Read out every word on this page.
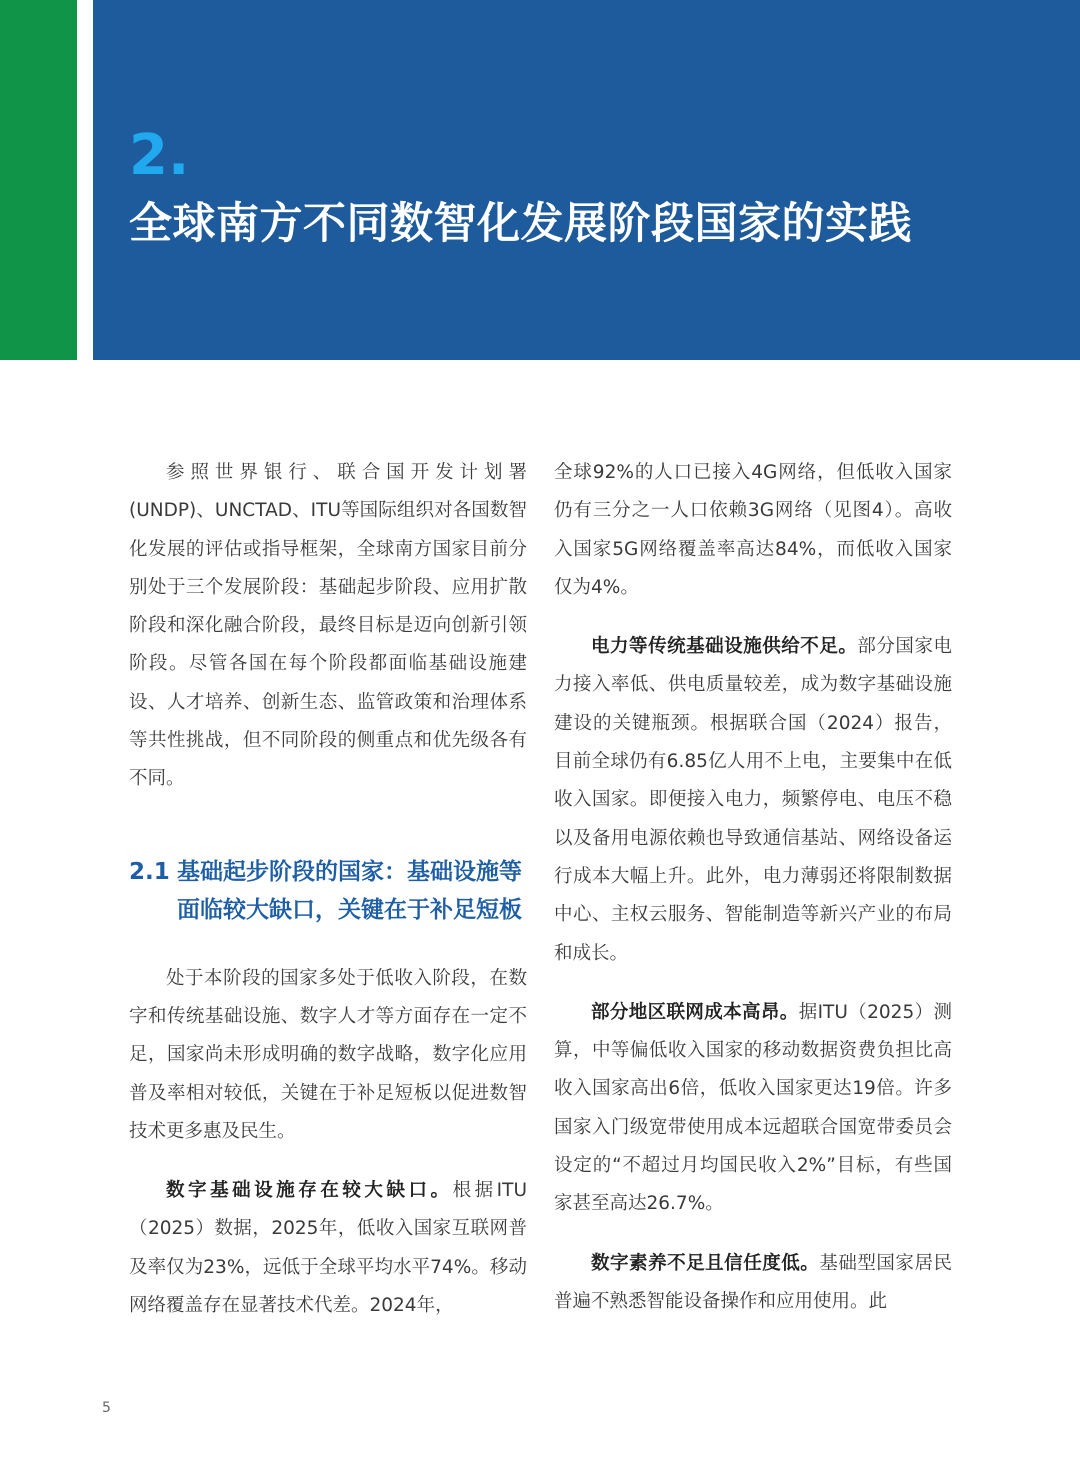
2.
全球南方不同数智化发展阶段国家的实践

参照世界银行、联合国开发计划署(UNDP)、UNCTAD、ITU等国际组织对各国数智化发展的评估或指导框架，全球南方国家目前分别处于三个发展阶段：基础起步阶段、应用扩散阶段和深化融合阶段，最终目标是迈向创新引领阶段。尽管各国在每个阶段都面临基础设施建设、人才培养、创新生态、监管政策和治理体系等共性挑战，但不同阶段的侧重点和优先级各有不同。

2.1 基础起步阶段的国家：基础设施等面临较大缺口，关键在于补足短板

处于本阶段的国家多处于低收入阶段，在数字和传统基础设施、数字人才等方面存在一定不足，国家尚未形成明确的数字战略，数字化应用普及率相对较低，关键在于补足短板以促进数智技术更多惠及民生。

数字基础设施存在较大缺口。根据ITU（2025）数据，2025年，低收入国家互联网普及率仅为23%，远低于全球平均水平74%。移动网络覆盖存在显著技术代差。2024年，

全球92%的人口已接入4G网络，但低收入国家仍有三分之一人口依赖3G网络（见图4）。高收入国家5G网络覆盖率高达84%，而低收入国家仅为4%。

电力等传统基础设施供给不足。部分国家电力接入率低、供电质量较差，成为数字基础设施建设的关键瓶颈。根据联合国（2024）报告，目前全球仍有6.85亿人用不上电，主要集中在低收入国家。即便接入电力，频繁停电、电压不稳以及备用电源依赖也导致通信基站、网络设备运行成本大幅上升。此外，电力薄弱还将限制数据中心、主权云服务、智能制造等新兴产业的布局和成长。

部分地区联网成本高昂。据ITU（2025）测算，中等偏低收入国家的移动数据资费负担比高收入国家高出6倍，低收入国家更达19倍。许多国家入门级宽带使用成本远超联合国宽带委员会设定的“不超过月均国民收入2%”目标，有些国家甚至高达26.7%。

数字素养不足且信任度低。基础型国家居民普遍不熟悉智能设备操作和应用使用。此

5
